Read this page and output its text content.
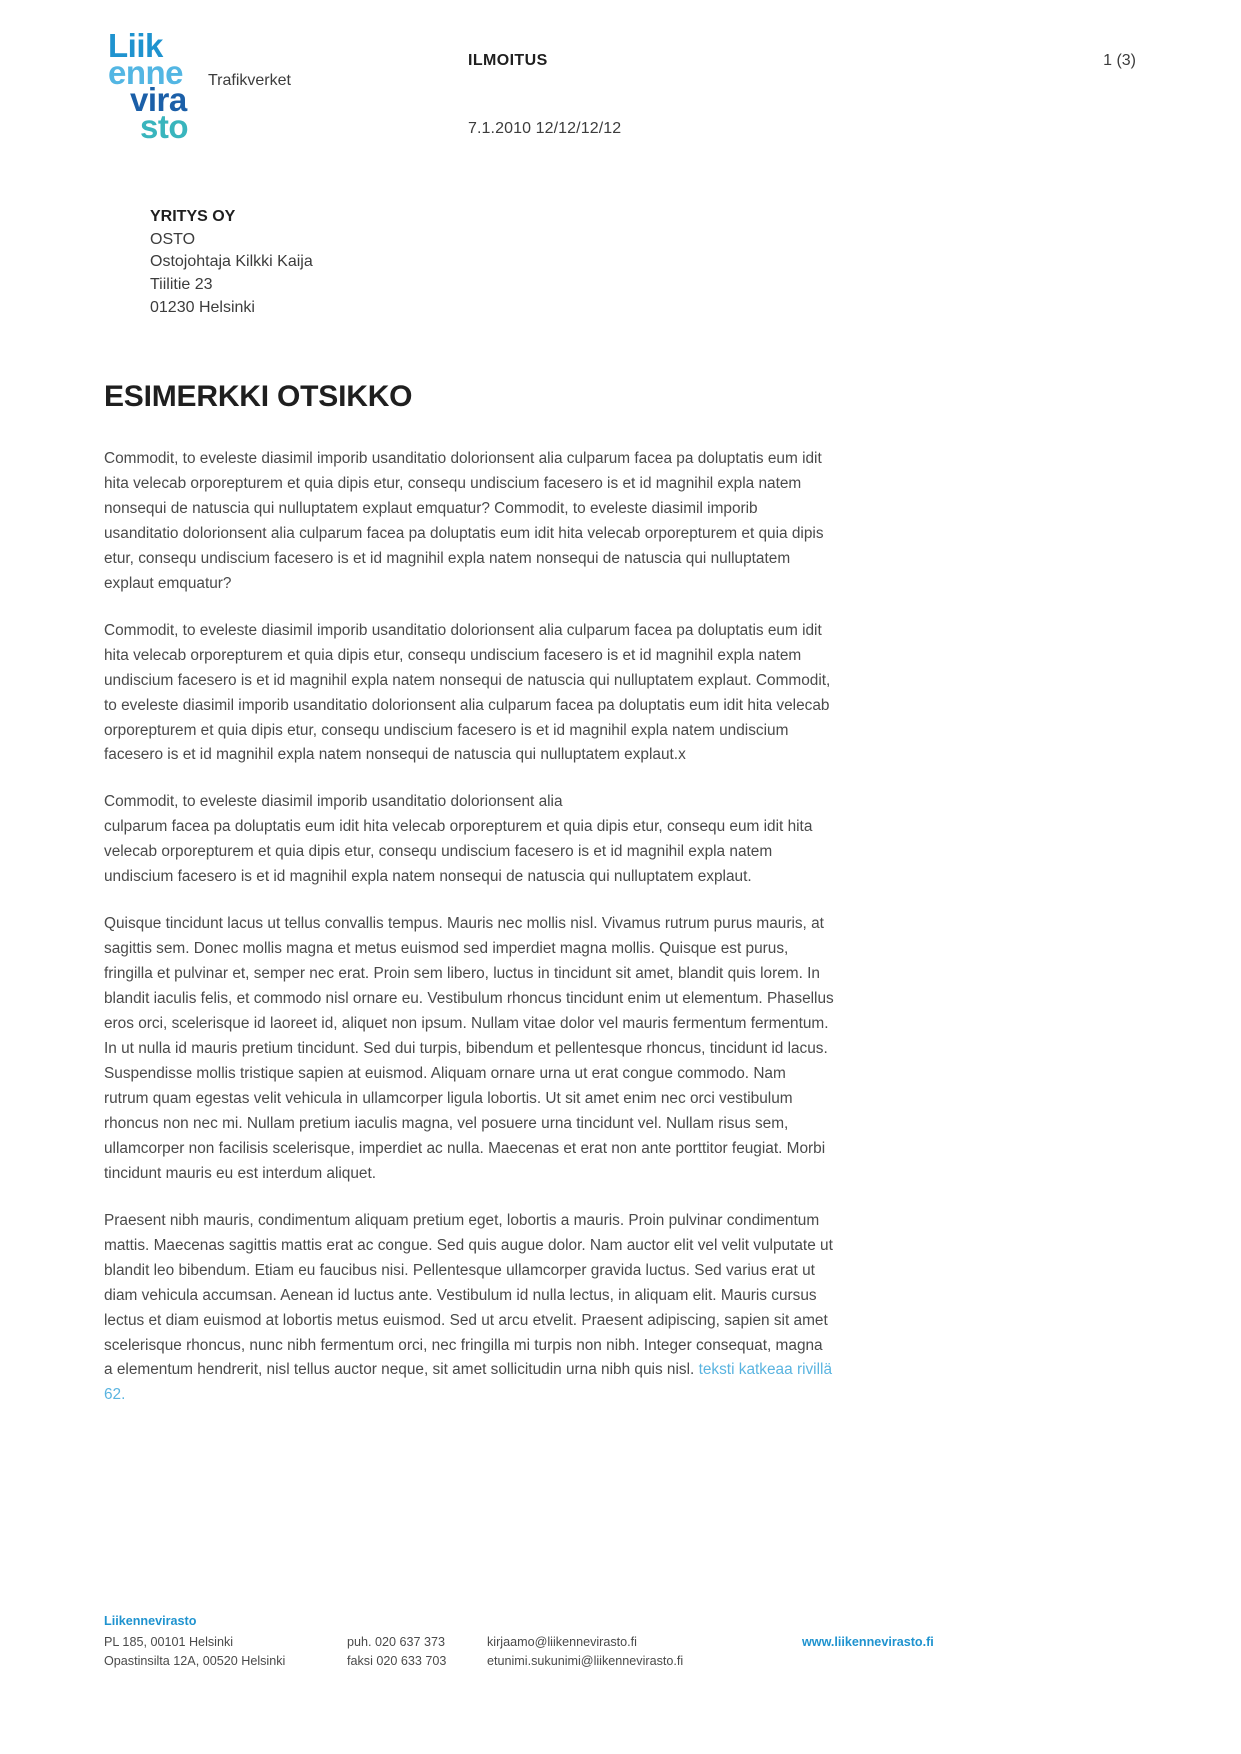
Liik
enne
vira
sto
Trafikverket
ILMOITUS
7.1.2010 12/12/12/12
1 (3)
YRITYS OY
OSTO
Ostojohtaja Kilkki Kaija
Tiilitie 23
01230 Helsinki
ESIMERKKI OTSIKKO

Commodit, to eveleste diasimil imporib usanditatio dolorionsent alia culparum facea pa doluptatis eum idit hita velecab orporepturem et quia dipis etur, consequ undiscium facesero is et id magnihil expla natem nonsequi de natuscia qui nulluptatem explaut emquatur? Commodit, to eveleste diasimil imporib usanditatio dolorionsent alia culparum facea pa doluptatis eum idit hita velecab orporepturem et quia dipis etur, consequ undiscium facesero is et id magnihil expla natem nonsequi de natuscia qui nulluptatem explaut emquatur?

Commodit, to eveleste diasimil imporib usanditatio dolorionsent alia culparum facea pa doluptatis eum idit hita velecab orporepturem et quia dipis etur, consequ undiscium facesero is et id magnihil expla natem undiscium facesero is et id magnihil expla natem nonsequi de natuscia qui nulluptatem explaut. Commodit, to eveleste diasimil imporib usanditatio dolorionsent alia culparum facea pa doluptatis eum idit hita velecab orporepturem et quia dipis etur, consequ undiscium facesero is et id magnihil expla natem undiscium facesero is et id magnihil expla natem nonsequi de natuscia qui nulluptatem explaut.x

Commodit, to eveleste diasimil imporib usanditatio dolorionsent alia
culparum facea pa doluptatis eum idit hita velecab orporepturem et quia dipis etur, consequ eum idit hita velecab orporepturem et quia dipis etur, consequ undiscium facesero is et id magnihil expla natem undiscium facesero is et id magnihil expla natem nonsequi de natuscia qui nulluptatem explaut.

Quisque tincidunt lacus ut tellus convallis tempus. Mauris nec mollis nisl. Vivamus rutrum purus mauris, at sagittis sem. Donec mollis magna et metus euismod sed imperdiet magna mollis. Quisque est purus, fringilla et pulvinar et, semper nec erat. Proin sem libero, luctus in tincidunt sit amet, blandit quis lorem. In blandit iaculis felis, et commodo nisl ornare eu. Vestibulum rhoncus tincidunt enim ut elementum. Phasellus eros orci, scelerisque id laoreet id, aliquet non ipsum. Nullam vitae dolor vel mauris fermentum fermentum. In ut nulla id mauris pretium tincidunt. Sed dui turpis, bibendum et pellentesque rhoncus, tincidunt id lacus. Suspendisse mollis tristique sapien at euismod. Aliquam ornare urna ut erat congue commodo. Nam rutrum quam egestas velit vehicula in ullamcorper ligula lobortis. Ut sit amet enim nec orci vestibulum rhoncus non nec mi. Nullam pretium iaculis magna, vel posuere urna tincidunt vel. Nullam risus sem, ullamcorper non facilisis scelerisque, imperdiet ac nulla. Maecenas et erat non ante porttitor feugiat. Morbi tincidunt mauris eu est interdum aliquet.

Praesent nibh mauris, condimentum aliquam pretium eget, lobortis a mauris. Proin pulvinar condimentum mattis. Maecenas sagittis mattis erat ac congue. Sed quis augue dolor. Nam auctor elit vel velit vulputate ut blandit leo bibendum. Etiam eu faucibus nisi. Pellentesque ullamcorper gravida luctus. Sed varius erat ut diam vehicula accumsan. Aenean id luctus ante. Vestibulum id nulla lectus, in aliquam elit. Mauris cursus lectus et diam euismod at lobortis metus euismod. Sed ut arcu etvelit. Praesent adipiscing, sapien sit amet scelerisque rhoncus, nunc nibh fermentum orci, nec fringilla mi turpis non nibh. Integer consequat, magna a elementum hendrerit, nisl tellus auctor neque, sit amet sollicitudin urna nibh quis nisl. teksti katkeaa rivillä 62.

Liikennevirasto
PL 185, 00101 Helsinki
Opastinsilta 12A, 00520 Helsinki
puh. 020 637 373
faksi 020 633 703
kirjaamo@liikennevirasto.fi
etunimi.sukunimi@liikennevirasto.fi
www.liikennevirasto.fi
